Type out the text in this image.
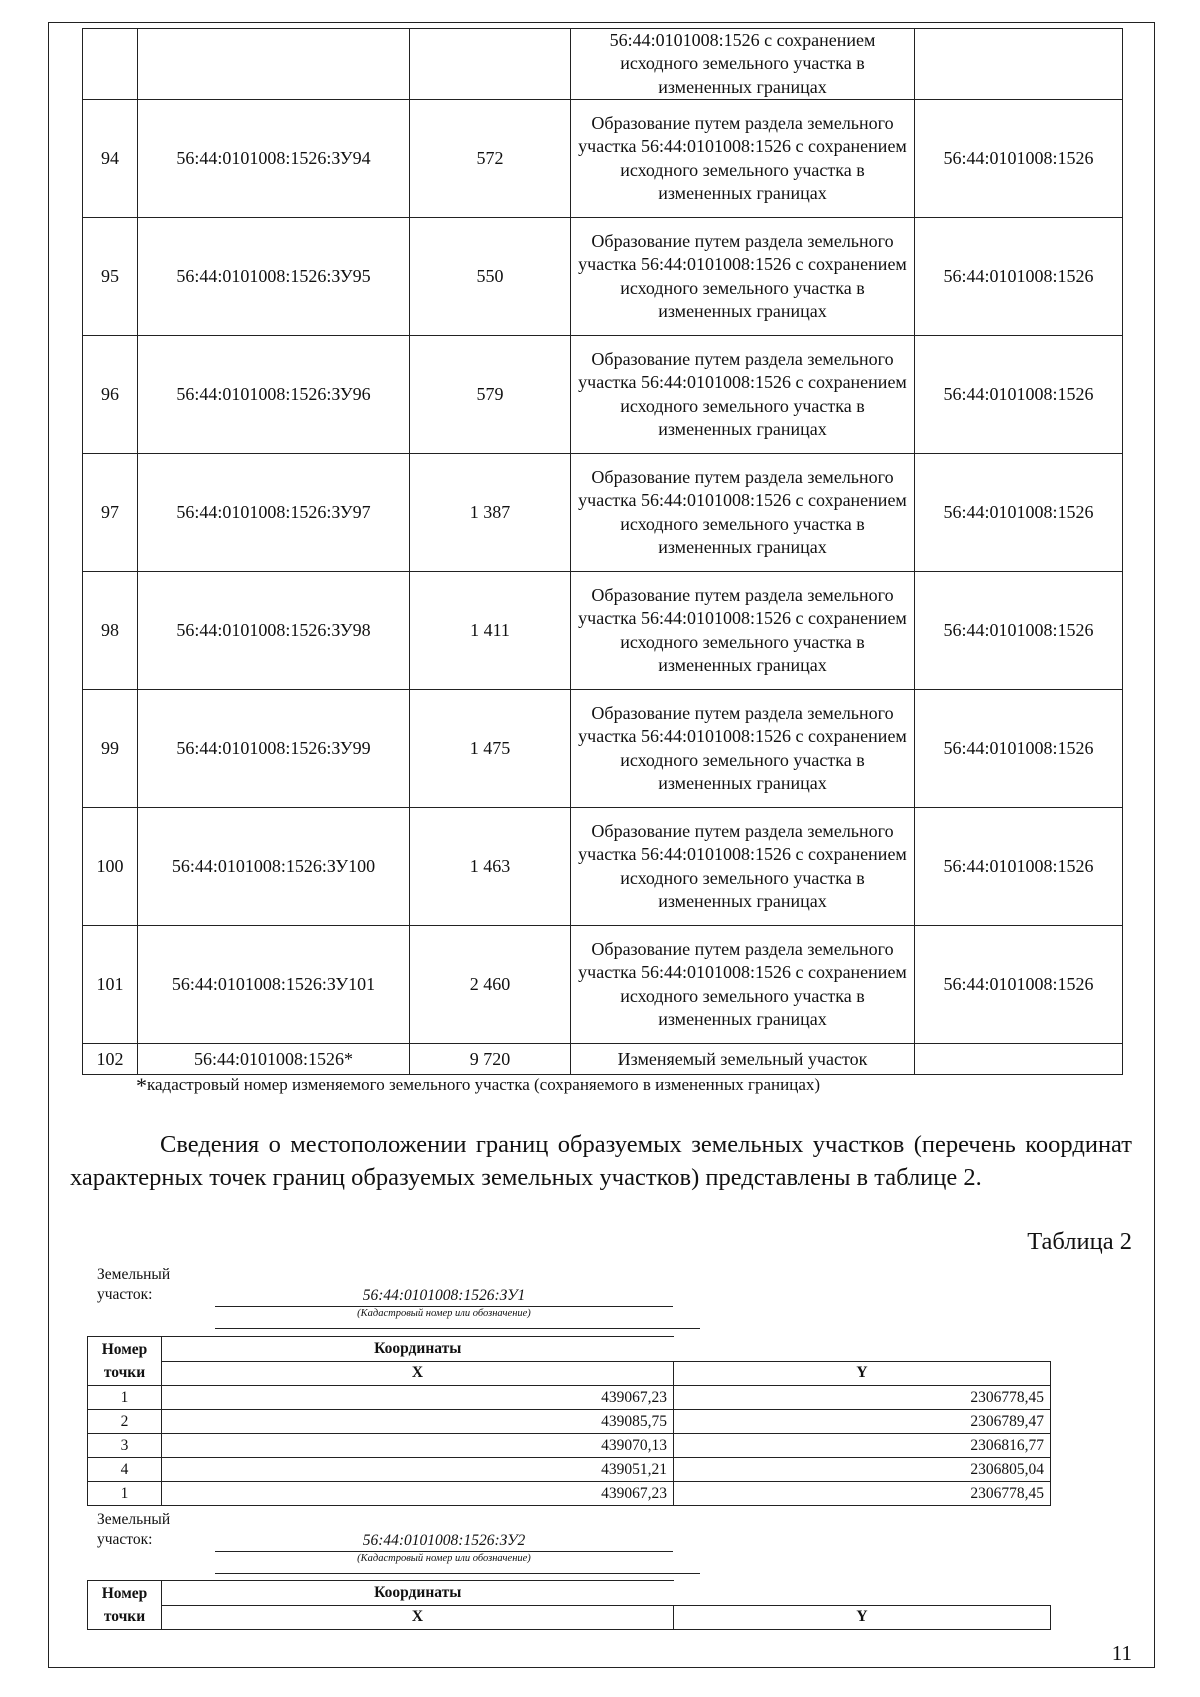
			56:44:0101008:1526 с сохранением исходного земельного участка в измененных границах	
94	56:44:0101008:1526:ЗУ94	572	Образование путем раздела земельного участка 56:44:0101008:1526 с сохранением исходного земельного участка в измененных границах	56:44:0101008:1526
95	56:44:0101008:1526:ЗУ95	550	Образование путем раздела земельного участка 56:44:0101008:1526 с сохранением исходного земельного участка в измененных границах	56:44:0101008:1526
96	56:44:0101008:1526:ЗУ96	579	Образование путем раздела земельного участка 56:44:0101008:1526 с сохранением исходного земельного участка в измененных границах	56:44:0101008:1526
97	56:44:0101008:1526:ЗУ97	1 387	Образование путем раздела земельного участка 56:44:0101008:1526 с сохранением исходного земельного участка в измененных границах	56:44:0101008:1526
98	56:44:0101008:1526:ЗУ98	1 411	Образование путем раздела земельного участка 56:44:0101008:1526 с сохранением исходного земельного участка в измененных границах	56:44:0101008:1526
99	56:44:0101008:1526:ЗУ99	1 475	Образование путем раздела земельного участка 56:44:0101008:1526 с сохранением исходного земельного участка в измененных границах	56:44:0101008:1526
100	56:44:0101008:1526:ЗУ100	1 463	Образование путем раздела земельного участка 56:44:0101008:1526 с сохранением исходного земельного участка в измененных границах	56:44:0101008:1526
101	56:44:0101008:1526:ЗУ101	2 460	Образование путем раздела земельного участка 56:44:0101008:1526 с сохранением исходного земельного участка в измененных границах	56:44:0101008:1526
102	56:44:0101008:1526*	9 720	Изменяемый земельный участок	
*кадастровый номер изменяемого земельного участка (сохраняемого в измененных границах)

Сведения о местоположении границ образуемых земельных участков (перечень координат характерных точек границ образуемых земельных участков) представлены в таблице 2.

Таблица 2
Земельный
участок:	56:44:0101008:1526:ЗУ1
(Кадастровый номер или обозначение)
Номер
точки	Координаты	
	X	Y
1	439067,23	2306778,45
2	439085,75	2306789,47
3	439070,13	2306816,77
4	439051,21	2306805,04
1	439067,23	2306778,45
Земельный
участок:	56:44:0101008:1526:ЗУ2
(Кадастровый номер или обозначение)
Номер
точки	Координаты	
	X	Y
11
